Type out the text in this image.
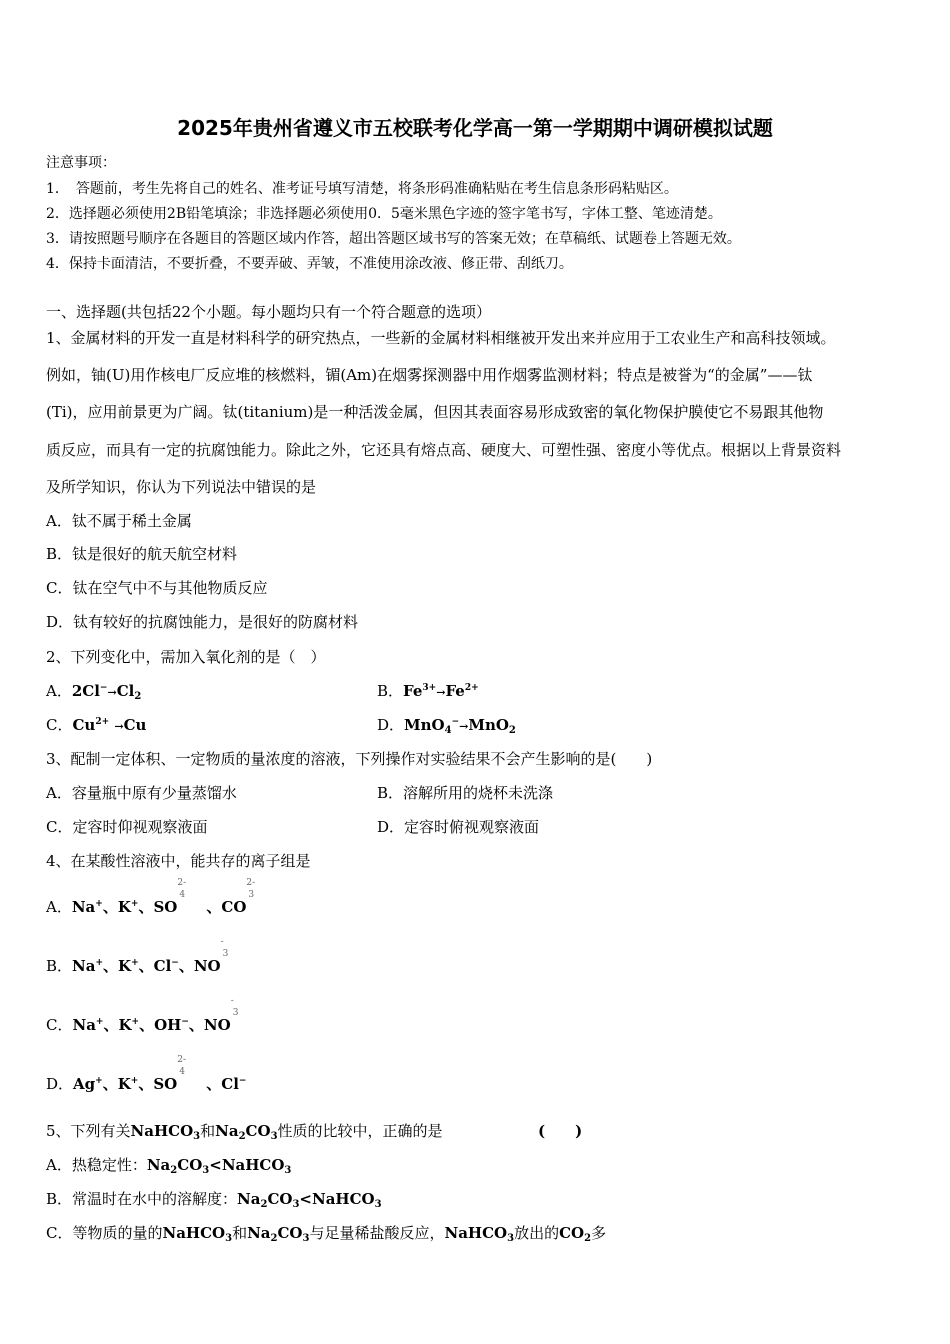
2025年贵州省遵义市五校联考化学高一第一学期期中调研模拟试题
注意事项：
1．　答题前，考生先将自己的姓名、准考证号填写清楚，将条形码准确粘贴在考生信息条形码粘贴区。
2．选择题必须使用2B铅笔填涂；非选择题必须使用0．5毫米黑色字迹的签字笔书写，字体工整、笔迹清楚。
3．请按照题号顺序在各题目的答题区域内作答，超出答题区域书写的答案无效；在草稿纸、试题卷上答题无效。
4．保持卡面清洁，不要折叠，不要弄破、弄皱，不准使用涂改液、修正带、刮纸刀。
一、选择题(共包括22个小题。每小题均只有一个符合题意的选项）
1、金属材料的开发一直是材料科学的研究热点，一些新的金属材料相继被开发出来并应用于工农业生产和高科技领域。
例如，铀(U)用作核电厂反应堆的核燃料，镅(Am)在烟雾探测器中用作烟雾监测材料；特点是被誉为“的金属”——钛
(Ti)，应用前景更为广阔。钛(titanium)是一种活泼金属，但因其表面容易形成致密的氧化物保护膜使它不易跟其他物
质反应，而具有一定的抗腐蚀能力。除此之外，它还具有熔点高、硬度大、可塑性强、密度小等优点。根据以上背景资料
及所学知识，你认为下列说法中错误的是
A．钛不属于稀土金属
B．钛是很好的航天航空材料
C．钛在空气中不与其他物质反应
D．钛有较好的抗腐蚀能力，是很好的防腐材料
2、下列变化中，需加入氧化剂的是（　）
A．$2Cl^-\to Cl_2$	B．$Fe^{3+}\to Fe^{2+}$
C．$Cu^{2+} \to Cu$	D．MnO$_4$−→MnO$_2$
3、配制一定体积、一定物质的量浓度的溶液，下列操作对实验结果不会产生影响的是(　　)
A．容量瓶中原有少量蒸馏水	B．溶解所用的烧杯未洗涤
C．定容时仰视观察液面	D．定容时俯视观察液面
4、在某酸性溶液中，能共存的离子组是
A．Na+、K+、SO
2-
4
　、CO
2-
3
B．Na+、K+、Cl−、NO
-
3
C．Na+、K+、OH−、NO
-
3
D．Ag+、K+、SO
2-
4
　、Cl−
5、下列有关NaHCO$_3$和$Na_2CO_3$性质的比较中，正确的是	(　　)
A．热稳定性：$Na_2CO_3<NaHCO_3$
B．常温时在水中的溶解度：$Na_2CO_3<NaHCO_3$
C．等物质的量的NaHCO$_3$和$Na_2CO_3$与足量稀盐酸反应，NaHCO$_3$放出的$CO_2$多
